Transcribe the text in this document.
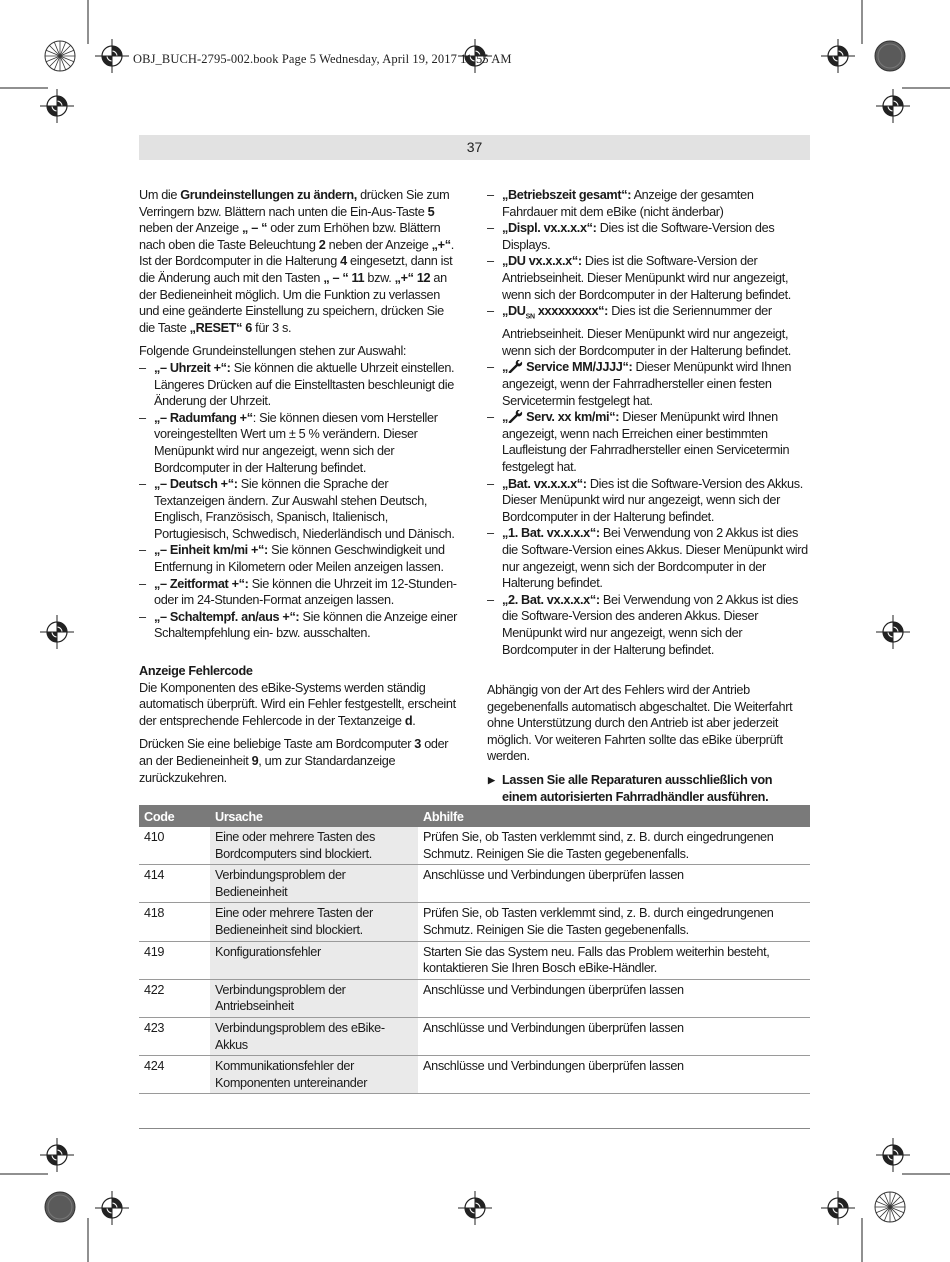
OBJ_BUCH-2795-002.book Page 5 Wednesday, April 19, 2017 11:55 AM
37
Um die Grundeinstellungen zu ändern, drücken Sie zum Verringern bzw. Blättern nach unten die Ein-Aus-Taste 5 neben der Anzeige „ – “ oder zum Erhöhen bzw. Blättern nach oben die Taste Beleuchtung 2 neben der Anzeige „+“. Ist der Bordcomputer in die Halterung 4 eingesetzt, dann ist die Änderung auch mit den Tasten „ – “ 11 bzw. „+“ 12 an der Bedieneinheit möglich. Um die Funktion zu verlassen und eine geänderte Einstellung zu speichern, drücken Sie die Taste „RESET“ 6 für 3 s.
Folgende Grundeinstellungen stehen zur Auswahl:
– „– Uhrzeit +“: Sie können die aktuelle Uhrzeit einstellen. Längeres Drücken auf die Einstelltasten beschleunigt die Änderung der Uhrzeit.
– „– Radumfang +“: Sie können diesen vom Hersteller voreingestellten Wert um ± 5 % verändern. Dieser Menüpunkt wird nur angezeigt, wenn sich der Bordcomputer in der Halterung befindet.
– „– Deutsch +“: Sie können die Sprache der Textanzeigen ändern. Zur Auswahl stehen Deutsch, Englisch, Französisch, Spanisch, Italienisch, Portugiesisch, Schwedisch, Niederländisch und Dänisch.
– „– Einheit km/mi +“: Sie können Geschwindigkeit und Entfernung in Kilometern oder Meilen anzeigen lassen.
– „– Zeitformat +“: Sie können die Uhrzeit im 12-Stunden- oder im 24-Stunden-Format anzeigen lassen.
– „– Schaltempf. an/aus +“: Sie können die Anzeige einer Schaltempfehlung ein- bzw. ausschalten.
– „Betriebszeit gesamt“: Anzeige der gesamten Fahrdauer mit dem eBike (nicht änderbar)
– „Displ. vx.x.x.x“: Dies ist die Software-Version des Displays.
– „DU vx.x.x.x“: Dies ist die Software-Version der Antriebseinheit. Dieser Menüpunkt wird nur angezeigt, wenn sich der Bordcomputer in der Halterung befindet.
– $„DU_{SN}$ xxxxxxxxx“: Dies ist die Seriennummer der Antriebseinheit. Dieser Menüpunkt wird nur angezeigt, wenn sich der Bordcomputer in der Halterung befindet.
– „ Service MM/JJJJ“: Dieser Menüpunkt wird Ihnen angezeigt, wenn der Fahrradhersteller einen festen Servicetermin festgelegt hat.
– „ Serv. xx km/mi“: Dieser Menüpunkt wird Ihnen angezeigt, wenn nach Erreichen einer bestimmten Laufleistung der Fahrradhersteller einen Servicetermin festgelegt hat.
– „Bat. vx.x.x.x“: Dies ist die Software-Version des Akkus. Dieser Menüpunkt wird nur angezeigt, wenn sich der Bordcomputer in der Halterung befindet.
– „1. Bat. vx.x.x.x“: Bei Verwendung von 2 Akkus ist dies die Software-Version eines Akkus. Dieser Menüpunkt wird nur angezeigt, wenn sich der Bordcomputer in der Halterung befindet.
– „2. Bat. vx.x.x.x“: Bei Verwendung von 2 Akkus ist dies die Software-Version des anderen Akkus. Dieser Menüpunkt wird nur angezeigt, wenn sich der Bordcomputer in der Halterung befindet.
Anzeige Fehlercode
Die Komponenten des eBike-Systems werden ständig automatisch überprüft. Wird ein Fehler festgestellt, erscheint der entsprechende Fehlercode in der Textanzeige d.
Drücken Sie eine beliebige Taste am Bordcomputer 3 oder an der Bedieneinheit 9, um zur Standardanzeige zurückzukehren.
Abhängig von der Art des Fehlers wird der Antrieb gegebenenfalls automatisch abgeschaltet. Die Weiterfahrt ohne Unterstützung durch den Antrieb ist aber jederzeit möglich. Vor weiteren Fahrten sollte das eBike überprüft werden.
▶ Lassen Sie alle Reparaturen ausschließlich von einem autorisierten Fahrradhändler ausführen.
Code	Ursache	Abhilfe
410	Eine oder mehrere Tasten des Bordcomputers sind blockiert.	Prüfen Sie, ob Tasten verklemmt sind, z. B. durch eingedrungenen Schmutz. Reinigen Sie die Tasten gegebenenfalls.
414	Verbindungsproblem der Bedieneinheit	Anschlüsse und Verbindungen überprüfen lassen
418	Eine oder mehrere Tasten der Bedieneinheit sind blockiert.	Prüfen Sie, ob Tasten verklemmt sind, z. B. durch eingedrungenen Schmutz. Reinigen Sie die Tasten gegebenenfalls.
419	Konfigurationsfehler	Starten Sie das System neu. Falls das Problem weiterhin besteht, kontaktieren Sie Ihren Bosch eBike-Händler.
422	Verbindungsproblem der Antriebseinheit	Anschlüsse und Verbindungen überprüfen lassen
423	Verbindungsproblem des eBike-Akkus	Anschlüsse und Verbindungen überprüfen lassen
424	Kommunikationsfehler der Komponenten untereinander	Anschlüsse und Verbindungen überprüfen lassen
